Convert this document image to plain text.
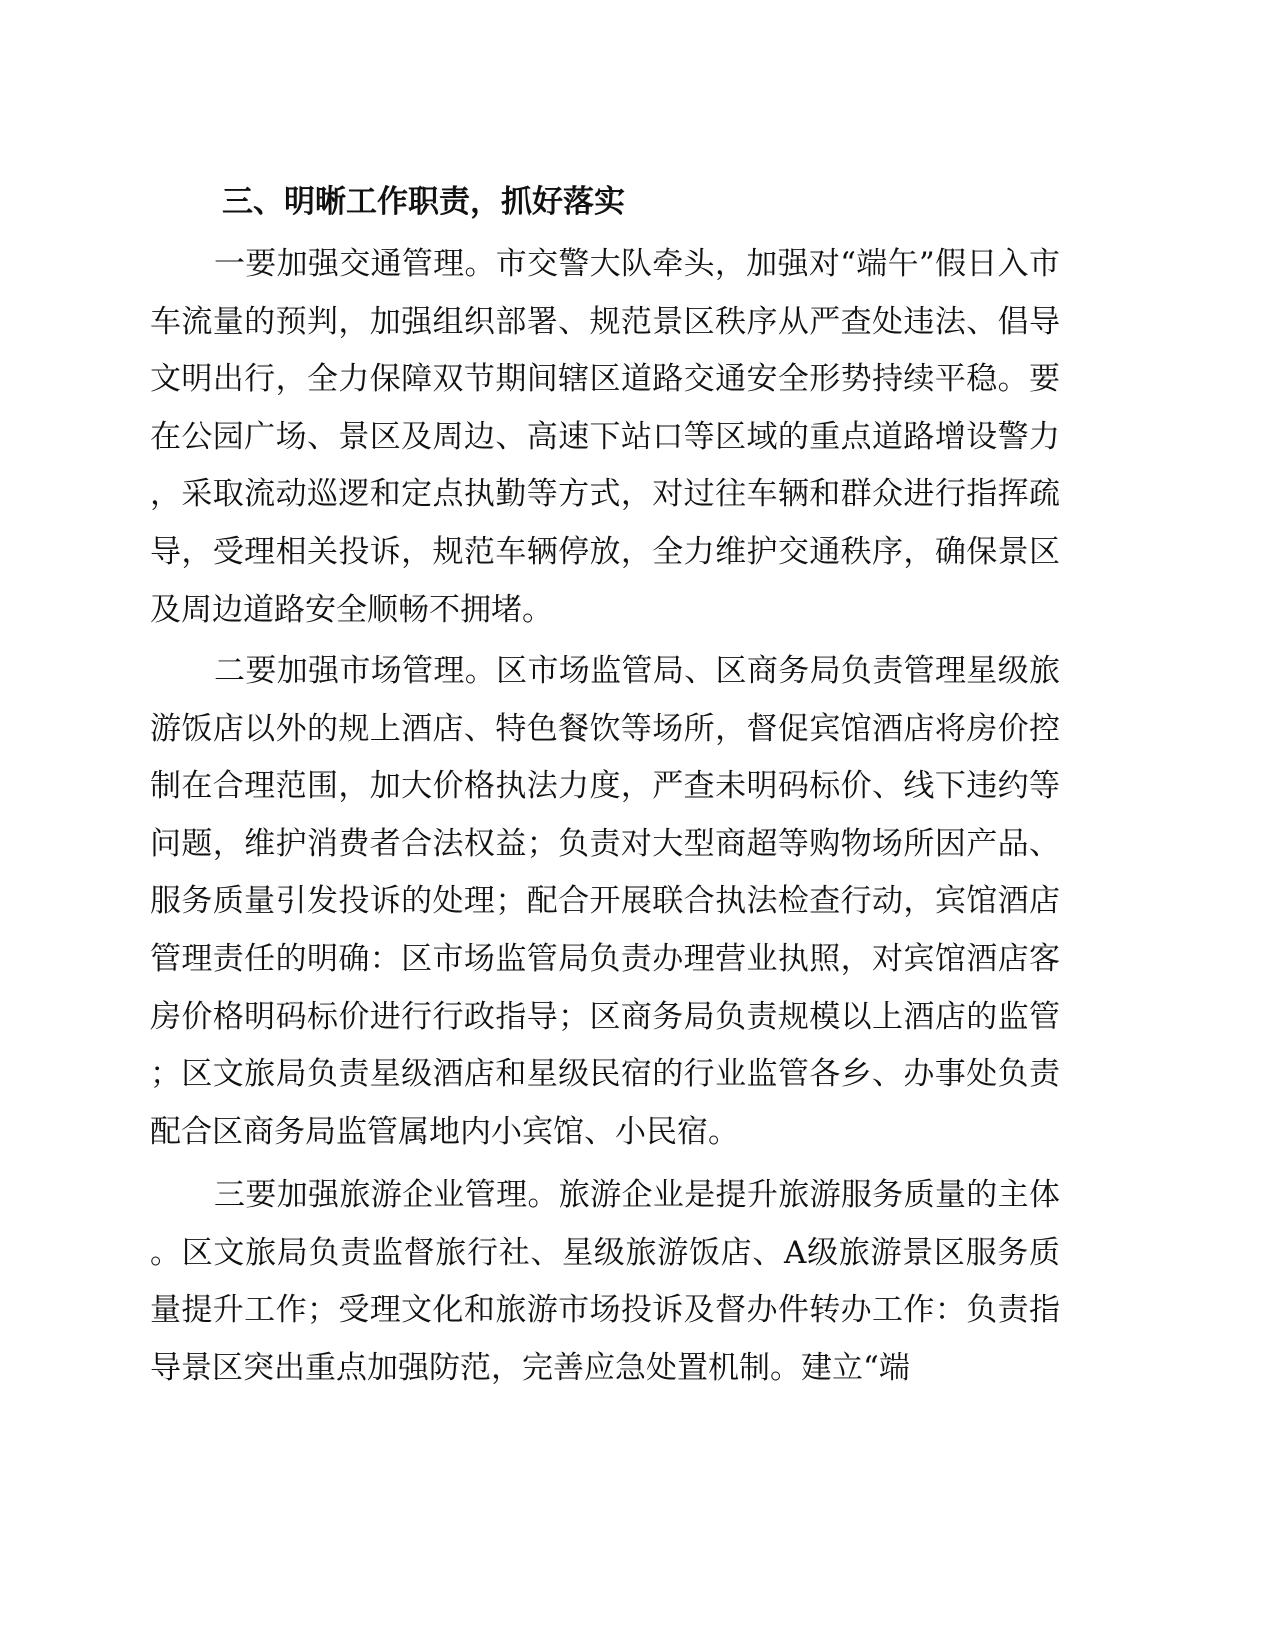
三、明晰工作职责，抓好落实

一要加强交通管理。市交警大队牵头，加强对“端午”假日入市车流量的预判，加强组织部署、规范景区秩序从严查处违法、倡导文明出行，全力保障双节期间辖区道路交通安全形势持续平稳。要在公园广场、景区及周边、高速下站口等区域的重点道路增设警力，采取流动巡逻和定点执勤等方式，对过往车辆和群众进行指挥疏导，受理相关投诉，规范车辆停放，全力维护交通秩序，确保景区及周边道路安全顺畅不拥堵。

二要加强市场管理。区市场监管局、区商务局负责管理星级旅游饭店以外的规上酒店、特色餐饮等场所，督促宾馆酒店将房价控制在合理范围，加大价格执法力度，严查未明码标价、线下违约等问题，维护消费者合法权益；负责对大型商超等购物场所因产品、服务质量引发投诉的处理；配合开展联合执法检查行动，宾馆酒店管理责任的明确：区市场监管局负责办理营业执照，对宾馆酒店客房价格明码标价进行行政指导；区商务局负责规模以上酒店的监管；区文旅局负责星级酒店和星级民宿的行业监管各乡、办事处负责配合区商务局监管属地内小宾馆、小民宿。

三要加强旅游企业管理。旅游企业是提升旅游服务质量的主体。区文旅局负责监督旅行社、星级旅游饭店、A级旅游景区服务质量提升工作；受理文化和旅游市场投诉及督办件转办工作：负责指导景区突出重点加强防范，完善应急处置机制。建立“端
